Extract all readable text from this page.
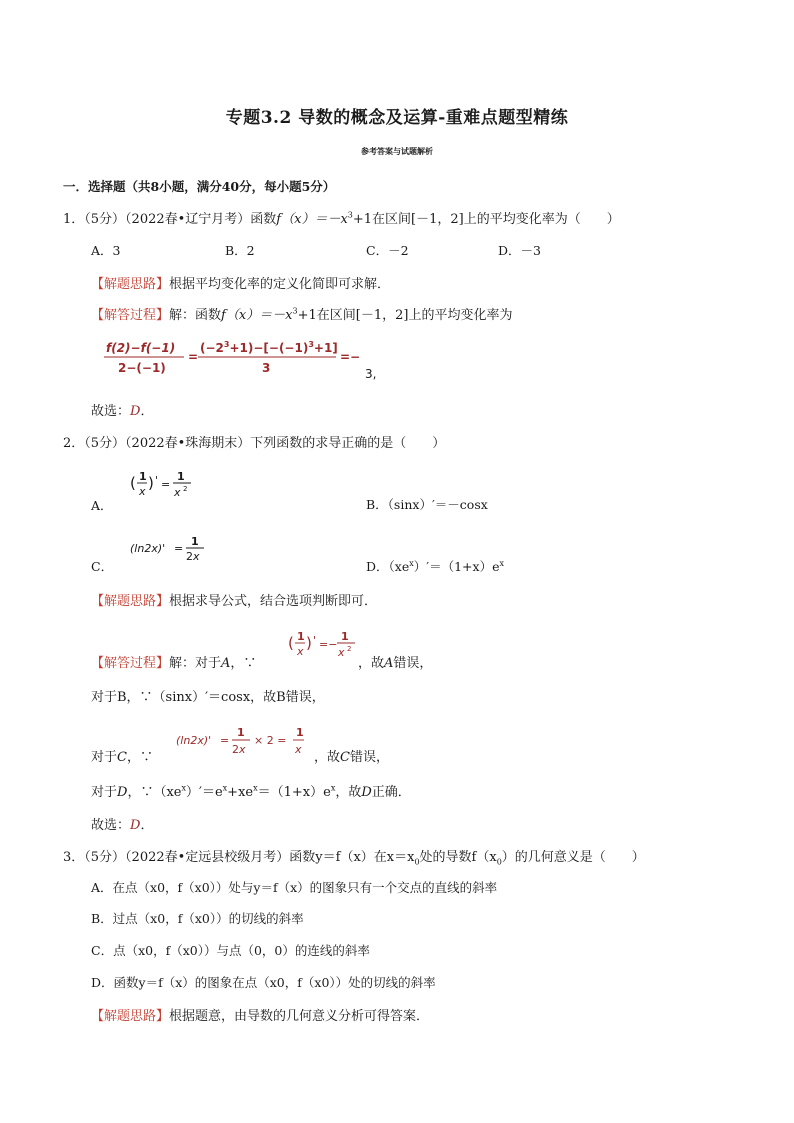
专题3.2 导数的概念及运算-重难点题型精练
参考答案与试题解析
一．选择题（共8小题，满分40分，每小题5分）
1．（5分）（2022春•辽宁月考）函数$f(x)=-x^3+1$在区间[－1，2]上的平均变化率为（　　）
A．3	B．2	C．－2	D．－3
【解题思路】根据平均变化率的定义化简即可求解．
【解答过程】解：函数$f(x)=-x^3+1$在区间[－1，2]上的平均变化率为
f(2)−f(−1)
2−(−1)
=
$(-2^3+1)-[-(-1)^3+1]$
3
=−
3,
故选：D．
2．（5分）（2022春•珠海期末）下列函数的求导正确的是（　　）
A．
( 1
x ) ' =
1
x 2
B．（sinx）′＝－cosx
C．
(ln2x)' =
1
2x
D．$(xe^x)'=(1+x)e^x$
【解题思路】根据求导公式，结合选项判断即可．
【解答过程】解：对于A，∵
( 1
x ) ' =−
1
x 2
，故A错误，
对于B，∵（sinx）′＝cosx，故B错误，
对于C，∵
(ln2x)' =
1
2x
× 2 =
1
x
，故C错误，
对于D，$\because(xe^x)'=e^x+xe^x=(1+x)e^x$，故D正确．
故选：D．
3．（5分）（2022春•定远县校级月考）函数y＝f（x）在$x=x_0$处的导数$f(x_0)$的几何意义是（　　）
A．在点（x0，f（x0））处与y＝f（x）的图象只有一个交点的直线的斜率
B．过点（x0，f（x0））的切线的斜率
C．点（x0，f（x0））与点（0，0）的连线的斜率
D．函数y＝f（x）的图象在点（x0，f（x0））处的切线的斜率
【解题思路】根据题意，由导数的几何意义分析可得答案．
